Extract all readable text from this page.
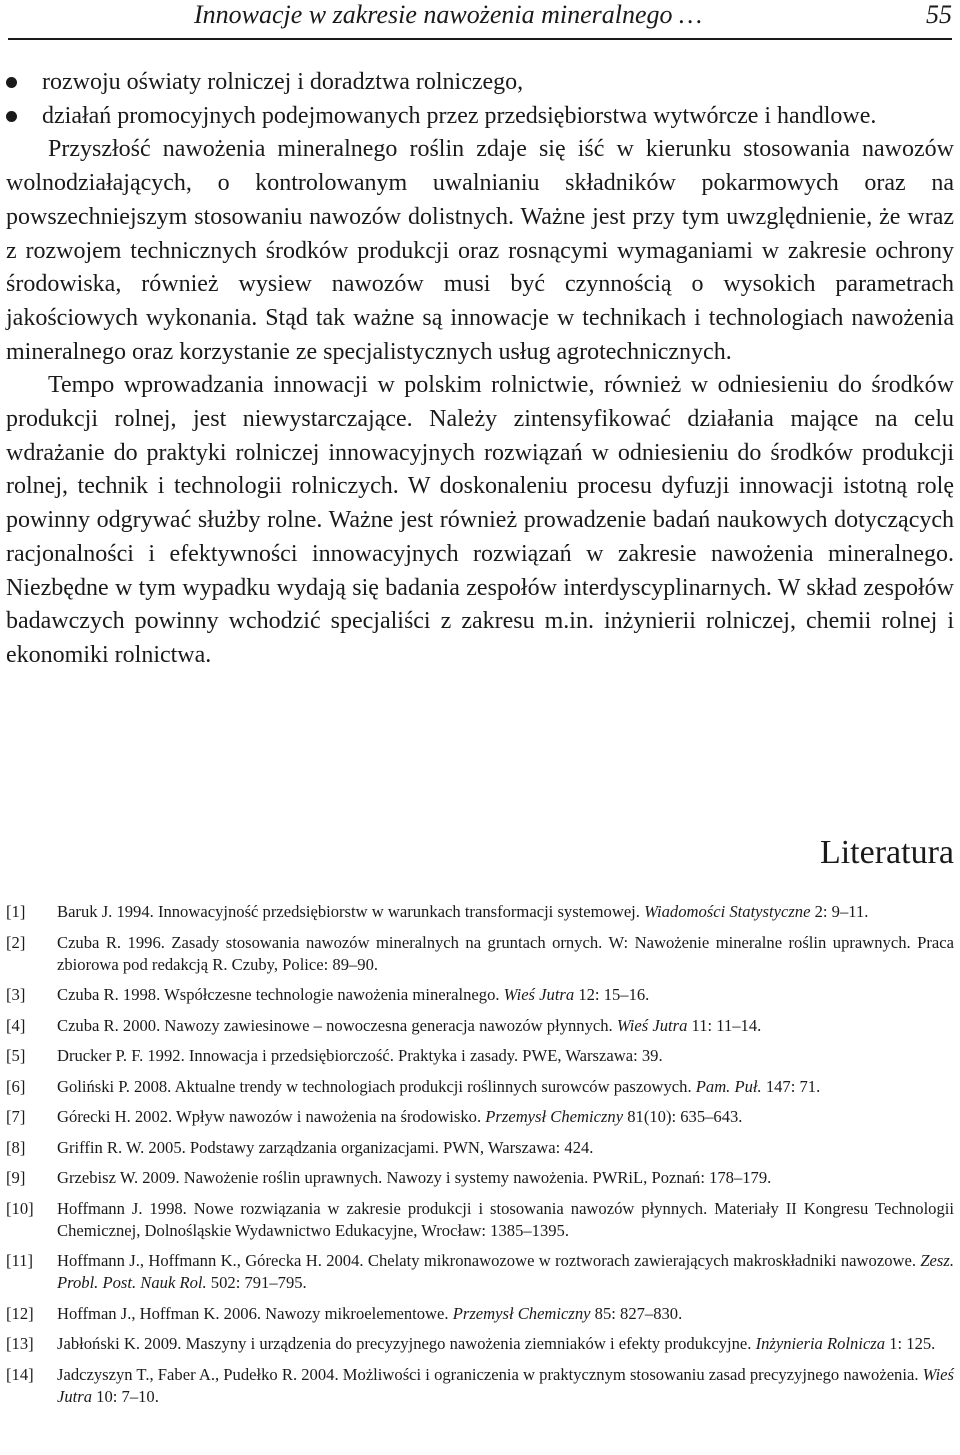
Innowacje w zakresie nawożenia mineralnego …	55
rozwoju oświaty rolniczej i doradztwa rolniczego,
działań promocyjnych podejmowanych przez przedsiębiorstwa wytwórcze i handlowe.

Przyszłość nawożenia mineralnego roślin zdaje się iść w kierunku stosowania nawozów wolnodziałających, o kontrolowanym uwalnianiu składników pokarmowych oraz na powszechniejszym stosowaniu nawozów dolistnych. Ważne jest przy tym uwzględnienie, że wraz z rozwojem technicznych środków produkcji oraz rosnącymi wymaganiami w zakresie ochrony środowiska, również wysiew nawozów musi być czynnością o wysokich parametrach jakościowych wykonania. Stąd tak ważne są innowacje w technikach i technologiach nawożenia mineralnego oraz korzystanie ze specjalistycznych usług agrotechnicznych.

Tempo wprowadzania innowacji w polskim rolnictwie, również w odniesieniu do środków produkcji rolnej, jest niewystarczające. Należy zintensyfikować działania mające na celu wdrażanie do praktyki rolniczej innowacyjnych rozwiązań w odniesieniu do środków produkcji rolnej, technik i technologii rolniczych. W doskonaleniu procesu dyfuzji innowacji istotną rolę powinny odgrywać służby rolne. Ważne jest również prowadzenie badań naukowych dotyczących racjonalności i efektywności innowacyjnych rozwiązań w zakresie nawożenia mineralnego. Niezbędne w tym wypadku wydają się badania zespołów interdyscyplinarnych. W skład zespołów badawczych powinny wchodzić specjaliści z zakresu m.in. inżynierii rolniczej, chemii rolnej i ekonomiki rolnictwa.

Literatura
[1] Baruk J. 1994. Innowacyjność przedsiębiorstw w warunkach transformacji systemowej. Wiadomości Statystyczne 2: 9–11.
[2] Czuba R. 1996. Zasady stosowania nawozów mineralnych na gruntach ornych. W: Nawożenie mineralne roślin uprawnych. Praca zbiorowa pod redakcją R. Czuby, Police: 89–90.
[3] Czuba R. 1998. Współczesne technologie nawożenia mineralnego. Wieś Jutra 12: 15–16.
[4] Czuba R. 2000. Nawozy zawiesinowe – nowoczesna generacja nawozów płynnych. Wieś Jutra 11: 11–14.
[5] Drucker P. F. 1992. Innowacja i przedsiębiorczość. Praktyka i zasady. PWE, Warszawa: 39.
[6] Goliński P. 2008. Aktualne trendy w technologiach produkcji roślinnych surowców paszowych. Pam. Puł. 147: 71.
[7] Górecki H. 2002. Wpływ nawozów i nawożenia na środowisko. Przemysł Chemiczny 81(10): 635–643.
[8] Griffin R. W. 2005. Podstawy zarządzania organizacjami. PWN, Warszawa: 424.
[9] Grzebisz W. 2009. Nawożenie roślin uprawnych. Nawozy i systemy nawożenia. PWRiL, Poznań: 178–179.
[10] Hoffmann J. 1998. Nowe rozwiązania w zakresie produkcji i stosowania nawozów płynnych. Materiały II Kongresu Technologii Chemicznej, Dolnośląskie Wydawnictwo Edukacyjne, Wrocław: 1385–1395.
[11] Hoffmann J., Hoffmann K., Górecka H. 2004. Chelaty mikronawozowe w roztworach zawierających makroskładniki nawozowe. Zesz. Probl. Post. Nauk Rol. 502: 791–795.
[12] Hoffman J., Hoffman K. 2006. Nawozy mikroelementowe. Przemysł Chemiczny 85: 827–830.
[13] Jabłoński K. 2009. Maszyny i urządzenia do precyzyjnego nawożenia ziemniaków i efekty produkcyjne. Inżynieria Rolnicza 1: 125.
[14] Jadczyszyn T., Faber A., Pudełko R. 2004. Możliwości i ograniczenia w praktycznym stosowaniu zasad precyzyjnego nawożenia. Wieś Jutra 10: 7–10.
